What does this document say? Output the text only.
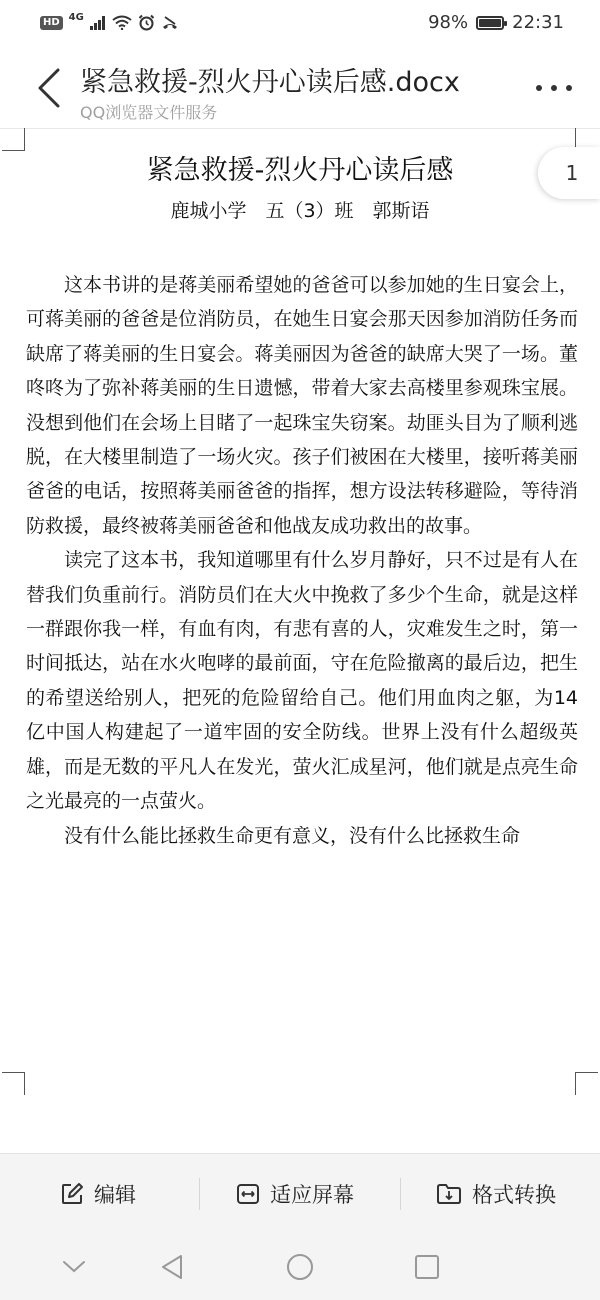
HD 4G	98% 22:31
紧急救援-烈火丹心读后感.docx
QQ浏览器文件服务
紧急救援-烈火丹心读后感
鹿城小学　五（3）班　郭斯语

这本书讲的是蒋美丽希望她的爸爸可以参加她的生日宴会上，可蒋美丽的爸爸是位消防员，在她生日宴会那天因参加消防任务而缺席了蒋美丽的生日宴会。蒋美丽因为爸爸的缺席大哭了一场。董咚咚为了弥补蒋美丽的生日遗憾，带着大家去高楼里参观珠宝展。没想到他们在会场上目睹了一起珠宝失窃案。劫匪头目为了顺利逃脱，在大楼里制造了一场火灾。孩子们被困在大楼里，接听蒋美丽爸爸的电话，按照蒋美丽爸爸的指挥，想方设法转移避险，等待消防救援，最终被蒋美丽爸爸和他战友成功救出的故事。

读完了这本书，我知道哪里有什么岁月静好，只不过是有人在替我们负重前行。消防员们在大火中挽救了多少个生命，就是这样一群跟你我一样，有血有肉，有悲有喜的人，灾难发生之时，第一时间抵达，站在水火咆哮的最前面，守在危险撤离的最后边，把生的希望送给别人，把死的危险留给自己。他们用血肉之躯，为14亿中国人构建起了一道牢固的安全防线。世界上没有什么超级英雄，而是无数的平凡人在发光，萤火汇成星河，他们就是点亮生命之光最亮的一点萤火。

没有什么能比拯救生命更有意义，没有什么比拯救生命

1
编辑	适应屏幕	格式转换
